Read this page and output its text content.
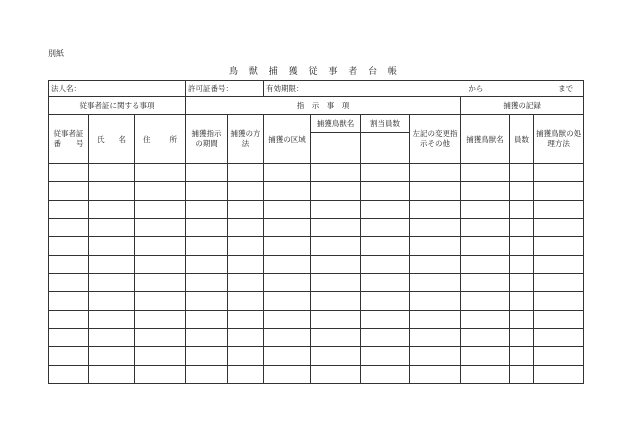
別紙
鳥 獣 捕 獲 従 事 者 台 帳
法人名：			許可証番号：		有効期限： から まで						

従事者証に関する事項			指　示　事　項						捕獲の記録		
従事者証番　　号	氏 名	住 所	捕獲指示の期間	捕獲の方　法	捕獲の区域	捕獲鳥獣名	割当員数	左記の変更指示その他	捕獲鳥獣名	員数	捕獲鳥獣の処理方法
